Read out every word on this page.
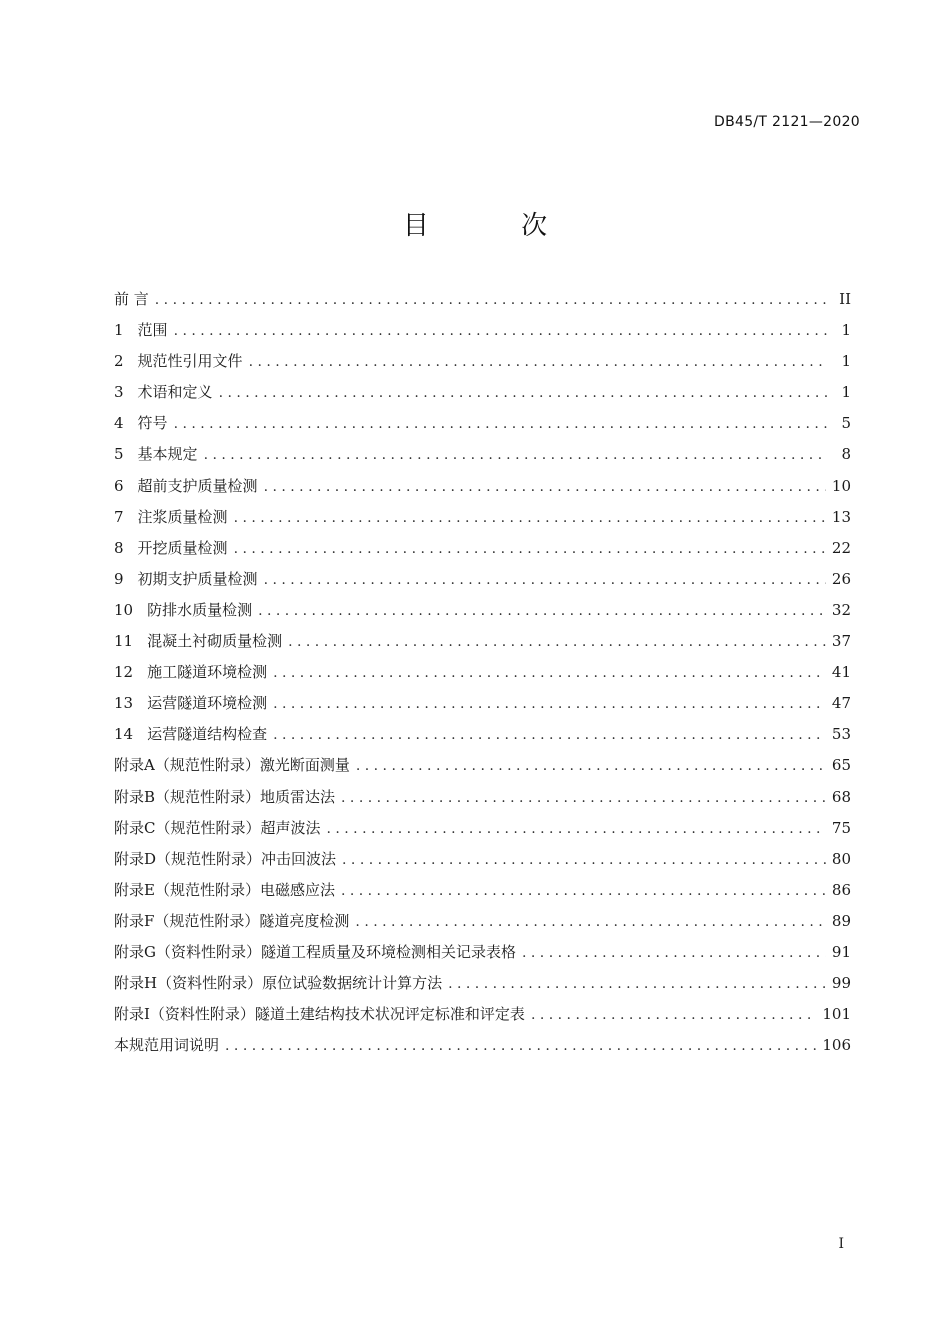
DB45/T 2121—2020
目 次
前 言 . . .	II
1 范围 . . .	1
2 规范性引用文件 . . .	1
3 术语和定义 . . .	1
4 符号 . . .	5
5 基本规定 . . .	8
6 超前支护质量检测 . . .	10
7 注浆质量检测 . . .	13
8 开挖质量检测 . . .	22
9 初期支护质量检测 . . .	26
10 防排水质量检测 . . .	32
11 混凝土衬砌质量检测 . . .	37
12 施工隧道环境检测 . . .	41
13 运营隧道环境检测 . . .	47
14 运营隧道结构检查 . . .	53
附录A（规范性附录）激光断面测量 . . .	65
附录B（规范性附录）地质雷达法 . . .	68
附录C（规范性附录）超声波法 . . .	75
附录D（规范性附录）冲击回波法 . . .	80
附录E（规范性附录）电磁感应法 . . .	86
附录F（规范性附录）隧道亮度检测 . . .	89
附录G（资料性附录）隧道工程质量及环境检测相关记录表格 . . .	91
附录H（资料性附录）原位试验数据统计计算方法 . . .	99
附录I（资料性附录）隧道土建结构技术状况评定标准和评定表 . . .	101
本规范用词说明 . . .	106
I
